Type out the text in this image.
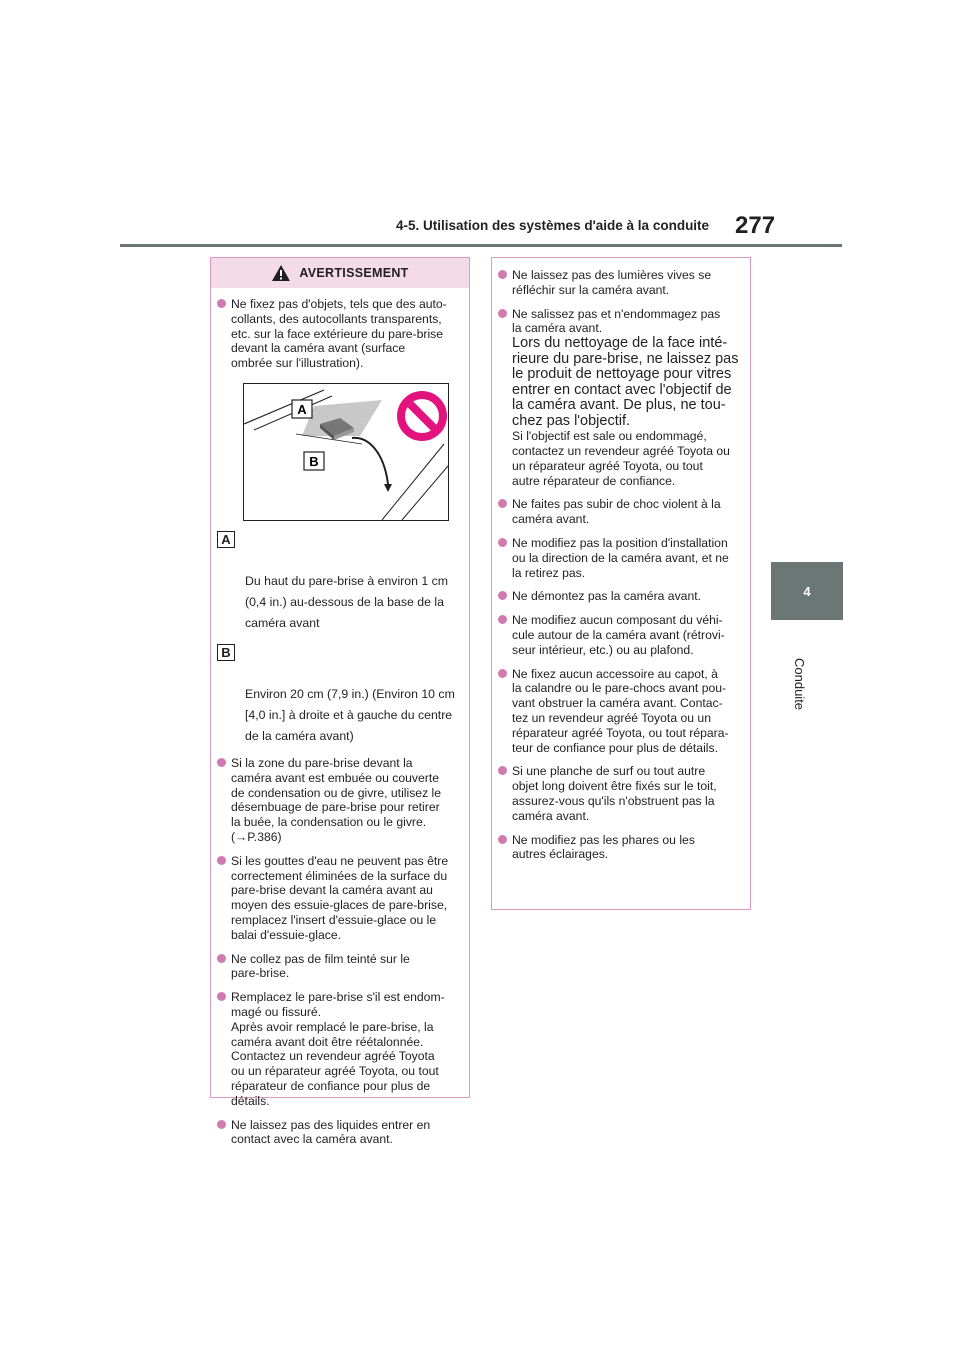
4-5. Utilisation des systèmes d'aide à la conduite 277
4
Conduite
AVERTISSEMENT
Ne fixez pas d'objets, tels que des auto-
collants, des autocollants transparents,
etc. sur la face extérieure du pare-brise
devant la caméra avant (surface
ombrée sur l'illustration).
A
B

A

Du haut du pare-brise à environ 1 cm
(0,4 in.) au-dessous de la base de la
caméra avant

B

Environ 20 cm (7,9 in.) (Environ 10 cm
[4,0 in.] à droite et à gauche du centre
de la caméra avant)

Si la zone du pare-brise devant la
caméra avant est embuée ou couverte
de condensation ou de givre, utilisez le
désembuage de pare-brise pour retirer
la buée, la condensation ou le givre.
(→P.386)
Si les gouttes d'eau ne peuvent pas être
correctement éliminées de la surface du
pare-brise devant la caméra avant au
moyen des essuie-glaces de pare-brise,
remplacez l'insert d'essuie-glace ou le
balai d'essuie-glace.
Ne collez pas de film teinté sur le
pare-brise.
Remplacez le pare-brise s'il est endom-
magé ou fissuré.
Après avoir remplacé le pare-brise, la
caméra avant doit être réétalonnée.
Contactez un revendeur agréé Toyota
ou un réparateur agréé Toyota, ou tout
réparateur de confiance pour plus de
détails.
Ne laissez pas des liquides entrer en
contact avec la caméra avant.
Ne laissez pas des lumières vives se
réfléchir sur la caméra avant.
Ne salissez pas et n'endommagez pas
la caméra avant.
Lors du nettoyage de la face inté-
rieure du pare-brise, ne laissez pas
le produit de nettoyage pour vitres
entrer en contact avec l'objectif de
la caméra avant. De plus, ne tou-
chez pas l'objectif.
Si l'objectif est sale ou endommagé,
contactez un revendeur agréé Toyota ou
un réparateur agréé Toyota, ou tout
autre réparateur de confiance.
Ne faites pas subir de choc violent à la
caméra avant.
Ne modifiez pas la position d'installation
ou la direction de la caméra avant, et ne
la retirez pas.
Ne démontez pas la caméra avant.
Ne modifiez aucun composant du véhi-
cule autour de la caméra avant (rétrovi-
seur intérieur, etc.) ou au plafond.
Ne fixez aucun accessoire au capot, à
la calandre ou le pare-chocs avant pou-
vant obstruer la caméra avant. Contac-
tez un revendeur agréé Toyota ou un
réparateur agréé Toyota, ou tout répara-
teur de confiance pour plus de détails.
Si une planche de surf ou tout autre
objet long doivent être fixés sur le toit,
assurez-vous qu'ils n'obstruent pas la
caméra avant.
Ne modifiez pas les phares ou les
autres éclairages.
